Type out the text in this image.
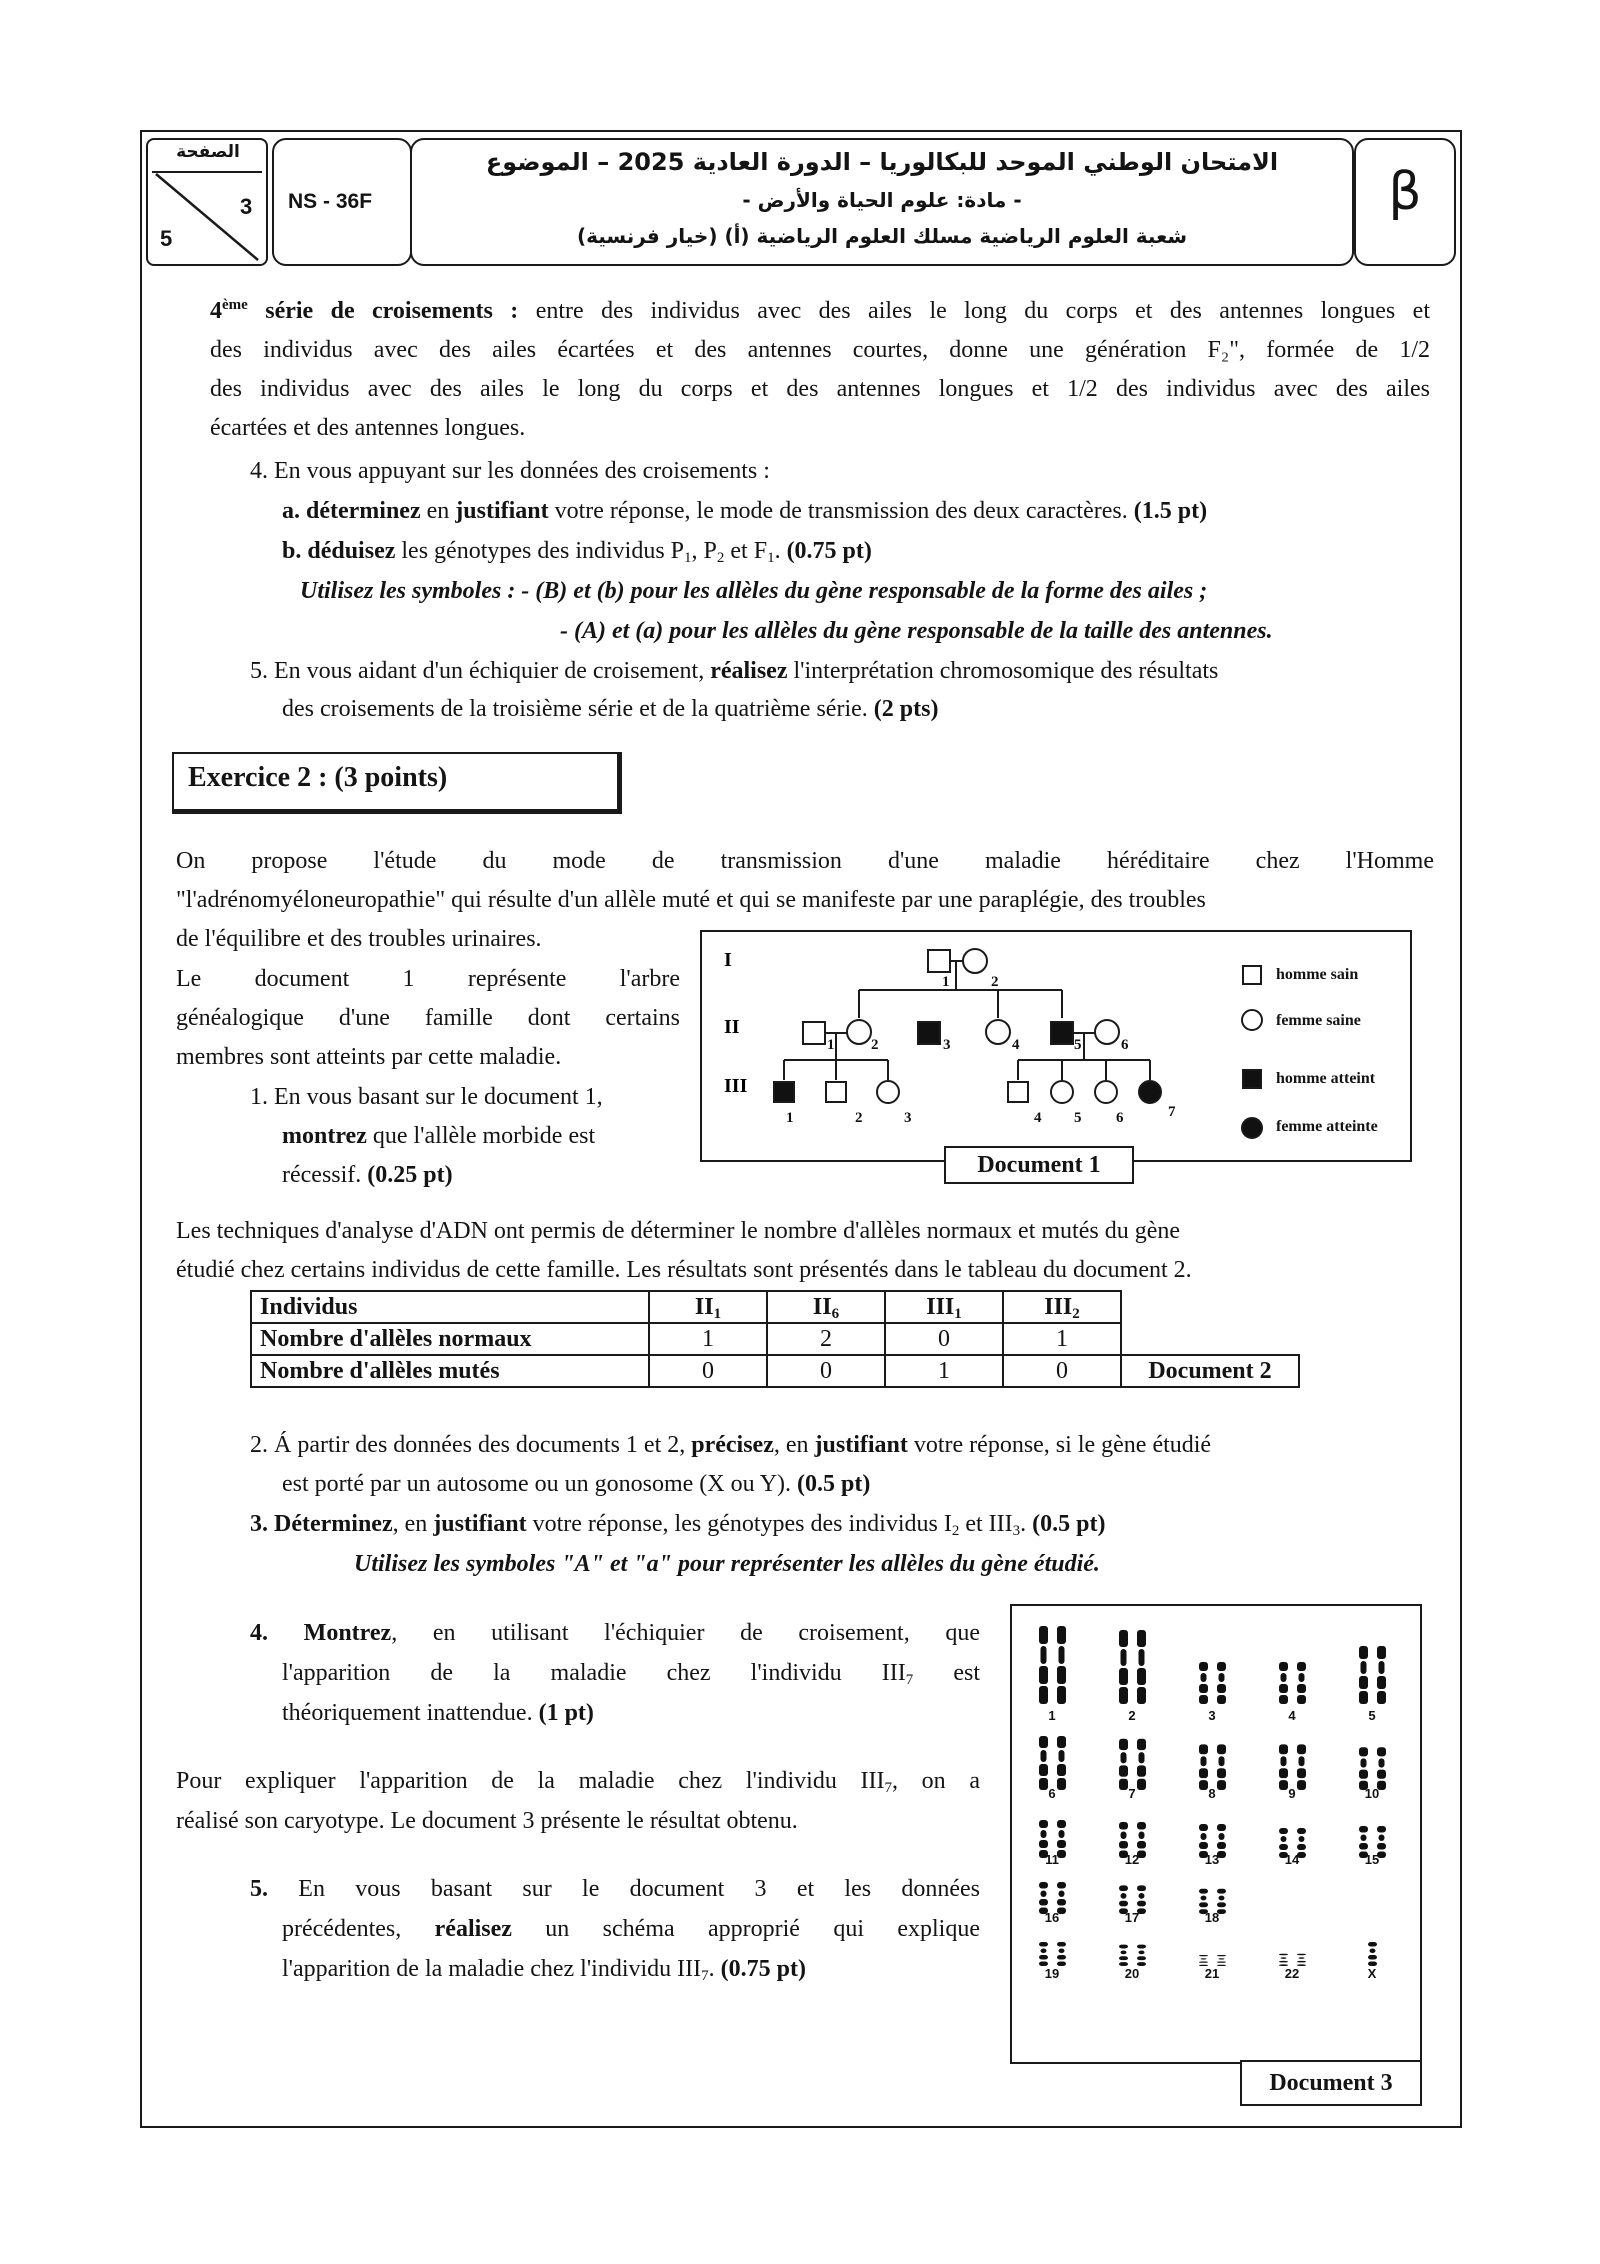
الصفحة
3
5
NS - 36F
الامتحان الوطني الموحد للبكالوريا – الدورة العادية 2025 – الموضوع
- مادة: علوم الحياة والأرض -
شعبة العلوم الرياضية مسلك العلوم الرياضية (أ) (خيار فرنسية)
β
4ème série de croisements : entre des individus avec des ailes le long du corps et des antennes longues et
des individus avec des ailes écartées et des antennes courtes, donne une génération F₂", formée de 1/2
des individus avec des ailes le long du corps et des antennes longues et 1/2 des individus avec des ailes
écartées et des antennes longues.
4. En vous appuyant sur les données des croisements :
a. déterminez en justifiant votre réponse, le mode de transmission des deux caractères. (1.5 pt)
b. déduisez les génotypes des individus $P_1$, $P_2$ et $F_1$. (0.75 pt)
Utilisez les symboles : - (B) et (b) pour les allèles du gène responsable de la forme des ailes ;
- (A) et (a) pour les allèles du gène responsable de la taille des antennes.
5. En vous aidant d'un échiquier de croisement, réalisez l'interprétation chromosomique des résultats
des croisements de la troisième série et de la quatrième série. (2 pts)
Exercice 2 : (3 points)
On propose l'étude du mode de transmission d'une maladie héréditaire chez l'Homme
"l'adrénomyéloneuropathie" qui résulte d'un allèle muté et qui se manifeste par une paraplégie, des troubles
de l'équilibre et des troubles urinaires.
Le document 1 représente l'arbre
généalogique d'une famille dont certains
membres sont atteints par cette maladie.
1. En vous basant sur le document 1,
montrez que l'allèle morbide est
récessif. (0.25 pt)
I
II
III
1	2
1 2	3	4	5	6
1	2	3	4 5 6	7
homme sain
femme saine
homme atteint
femme atteinte
Document 1
Les techniques d'analyse d'ADN ont permis de déterminer le nombre d'allèles normaux et mutés du gène
étudié chez certains individus de cette famille. Les résultats sont présentés dans le tableau du document 2.
Individus	$II_1$	$II_6$	$III_1$	$III_2$	
Nombre d'allèles normaux	1	2	0	1	
Nombre d'allèles mutés	0	0	1	0	Document 2
2. Á partir des données des documents 1 et 2, précisez, en justifiant votre réponse, si le gène étudié
est porté par un autosome ou un gonosome (X ou Y). (0.5 pt)
3. Déterminez, en justifiant votre réponse, les génotypes des individus $I_2$ et $III_3$. (0.5 pt)
Utilisez les symboles "A" et "a" pour représenter les allèles du gène étudié.
4. Montrez, en utilisant l'échiquier de croisement, que
l'apparition de la maladie chez l'individu $III_7$ est
théoriquement inattendue. (1 pt)
Pour expliquer l'apparition de la maladie chez l'individu $III_7$, on a
réalisé son caryotype. Le document 3 présente le résultat obtenu.
5. En vous basant sur le document 3 et les données
précédentes, réalisez un schéma approprié qui explique
l'apparition de la maladie chez l'individu $III_7$. (0.75 pt)
1	2	3	4	5
6	7	8	9	10
11	12	13	14	15
16	17	18
19	20	21	22	X
Document 3
